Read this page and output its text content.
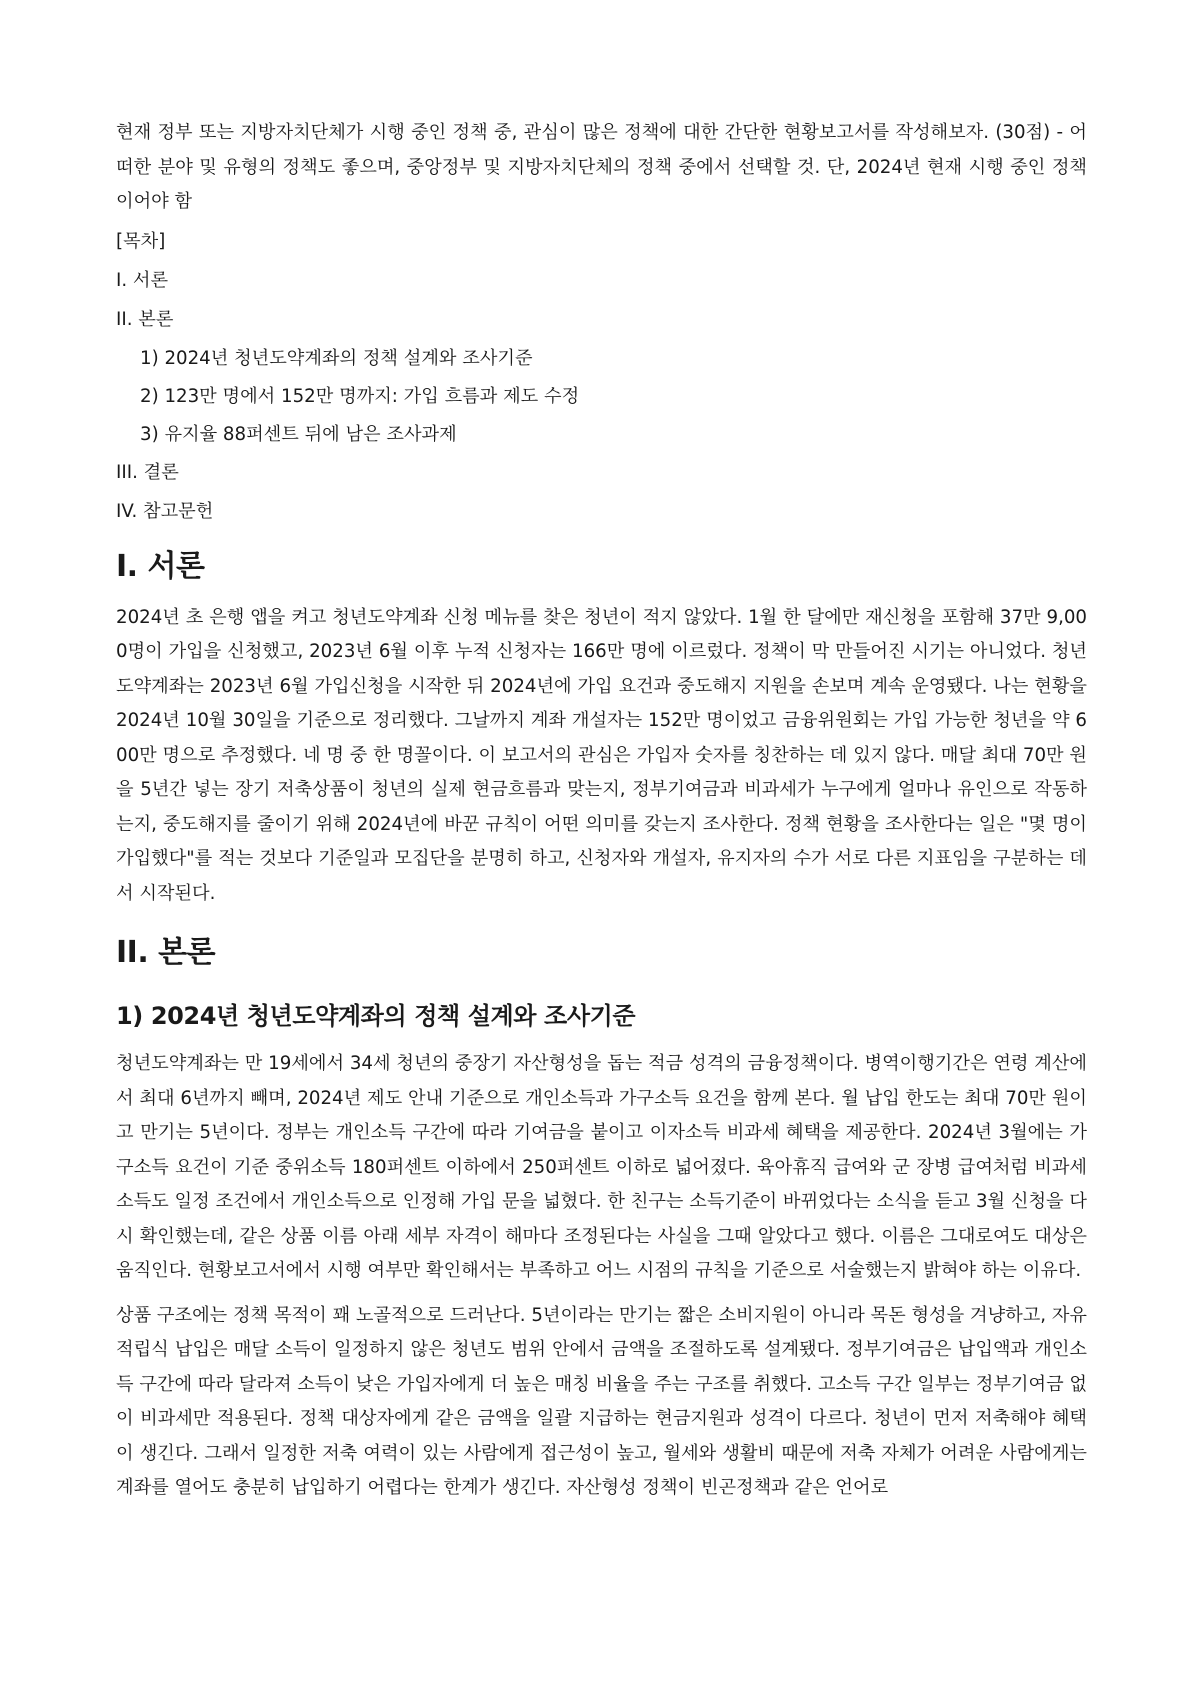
현재 정부 또는 지방자치단체가 시행 중인 정책 중, 관심이 많은 정책에 대한 간단한 현황보고서를 작성해보자. (30점) - 어떠한 분야 및 유형의 정책도 좋으며, 중앙정부 및 지방자치단체의 정책 중에서 선택할 것. 단, 2024년 현재 시행 중인 정책이어야 함

[목차]
I. 서론
II. 본론
1) 2024년 청년도약계좌의 정책 설계와 조사기준
2) 123만 명에서 152만 명까지: 가입 흐름과 제도 수정
3) 유지율 88퍼센트 뒤에 남은 조사과제
III. 결론
IV. 참고문헌
I. 서론

2024년 초 은행 앱을 켜고 청년도약계좌 신청 메뉴를 찾은 청년이 적지 않았다. 1월 한 달에만 재신청을 포함해 37만 9,000명이 가입을 신청했고, 2023년 6월 이후 누적 신청자는 166만 명에 이르렀다. 정책이 막 만들어진 시기는 아니었다. 청년도약계좌는 2023년 6월 가입신청을 시작한 뒤 2024년에 가입 요건과 중도해지 지원을 손보며 계속 운영됐다. 나는 현황을 2024년 10월 30일을 기준으로 정리했다. 그날까지 계좌 개설자는 152만 명이었고 금융위원회는 가입 가능한 청년을 약 600만 명으로 추정했다. 네 명 중 한 명꼴이다. 이 보고서의 관심은 가입자 숫자를 칭찬하는 데 있지 않다. 매달 최대 70만 원을 5년간 넣는 장기 저축상품이 청년의 실제 현금흐름과 맞는지, 정부기여금과 비과세가 누구에게 얼마나 유인으로 작동하는지, 중도해지를 줄이기 위해 2024년에 바꾼 규칙이 어떤 의미를 갖는지 조사한다. 정책 현황을 조사한다는 일은 "몇 명이 가입했다"를 적는 것보다 기준일과 모집단을 분명히 하고, 신청자와 개설자, 유지자의 수가 서로 다른 지표임을 구분하는 데서 시작된다.

II. 본론
1) 2024년 청년도약계좌의 정책 설계와 조사기준

청년도약계좌는 만 19세에서 34세 청년의 중장기 자산형성을 돕는 적금 성격의 금융정책이다. 병역이행기간은 연령 계산에서 최대 6년까지 빼며, 2024년 제도 안내 기준으로 개인소득과 가구소득 요건을 함께 본다. 월 납입 한도는 최대 70만 원이고 만기는 5년이다. 정부는 개인소득 구간에 따라 기여금을 붙이고 이자소득 비과세 혜택을 제공한다. 2024년 3월에는 가구소득 요건이 기준 중위소득 180퍼센트 이하에서 250퍼센트 이하로 넓어졌다. 육아휴직 급여와 군 장병 급여처럼 비과세 소득도 일정 조건에서 개인소득으로 인정해 가입 문을 넓혔다. 한 친구는 소득기준이 바뀌었다는 소식을 듣고 3월 신청을 다시 확인했는데, 같은 상품 이름 아래 세부 자격이 해마다 조정된다는 사실을 그때 알았다고 했다. 이름은 그대로여도 대상은 움직인다. 현황보고서에서 시행 여부만 확인해서는 부족하고 어느 시점의 규칙을 기준으로 서술했는지 밝혀야 하는 이유다.

상품 구조에는 정책 목적이 꽤 노골적으로 드러난다. 5년이라는 만기는 짧은 소비지원이 아니라 목돈 형성을 겨냥하고, 자유적립식 납입은 매달 소득이 일정하지 않은 청년도 범위 안에서 금액을 조절하도록 설계됐다. 정부기여금은 납입액과 개인소득 구간에 따라 달라져 소득이 낮은 가입자에게 더 높은 매칭 비율을 주는 구조를 취했다. 고소득 구간 일부는 정부기여금 없이 비과세만 적용된다. 정책 대상자에게 같은 금액을 일괄 지급하는 현금지원과 성격이 다르다. 청년이 먼저 저축해야 혜택이 생긴다. 그래서 일정한 저축 여력이 있는 사람에게 접근성이 높고, 월세와 생활비 때문에 저축 자체가 어려운 사람에게는 계좌를 열어도 충분히 납입하기 어렵다는 한계가 생긴다. 자산형성 정책이 빈곤정책과 같은 언어로
